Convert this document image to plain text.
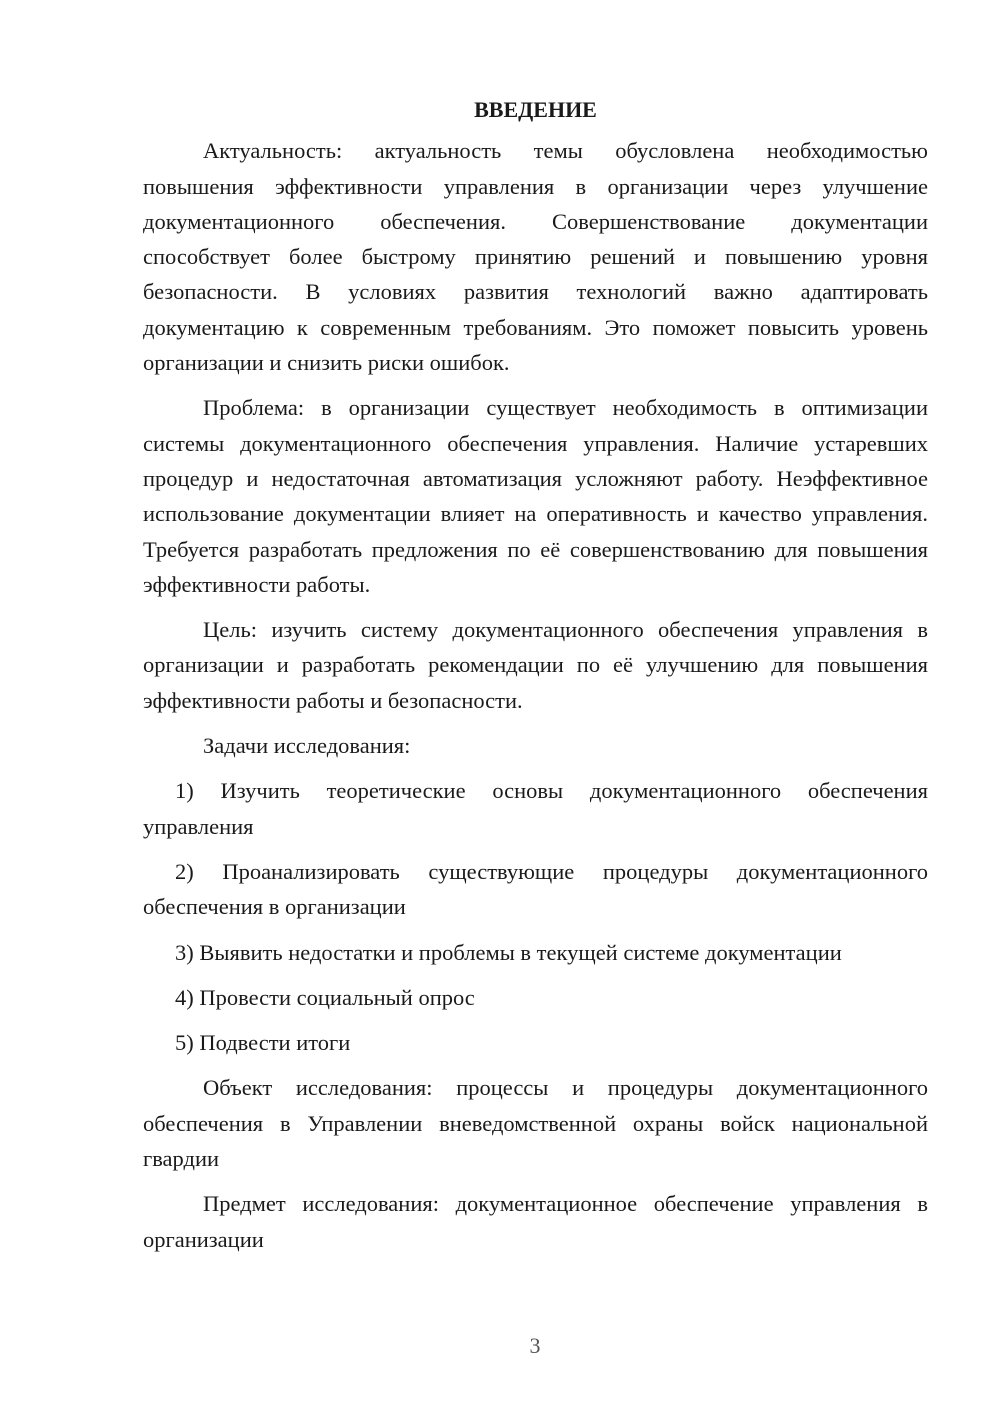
ВВЕДЕНИЕ

Актуальность: актуальность темы обусловлена необходимостью повышения эффективности управления в организации через улучшение документационного обеспечения. Совершенствование документации способствует более быстрому принятию решений и повышению уровня безопасности. В условиях развития технологий важно адаптировать документацию к современным требованиям. Это поможет повысить уровень организации и снизить риски ошибок.

Проблема: в организации существует необходимость в оптимизации системы документационного обеспечения управления. Наличие устаревших процедур и недостаточная автоматизация усложняют работу. Неэффективное использование документации влияет на оперативность и качество управления. Требуется разработать предложения по её совершенствованию для повышения эффективности работы.

Цель: изучить систему документационного обеспечения управления в организации и разработать рекомендации по её улучшению для повышения эффективности работы и безопасности.

Задачи исследования:

1) Изучить теоретические основы документационного обеспечения управления

2) Проанализировать существующие процедуры документационного обеспечения в организации

3) Выявить недостатки и проблемы в текущей системе документации

4) Провести социальный опрос

5) Подвести итоги

Объект исследования: процессы и процедуры документационного обеспечения в Управлении вневедомственной охраны войск национальной гвардии

Предмет исследования: документационное обеспечение управления в организации

3
